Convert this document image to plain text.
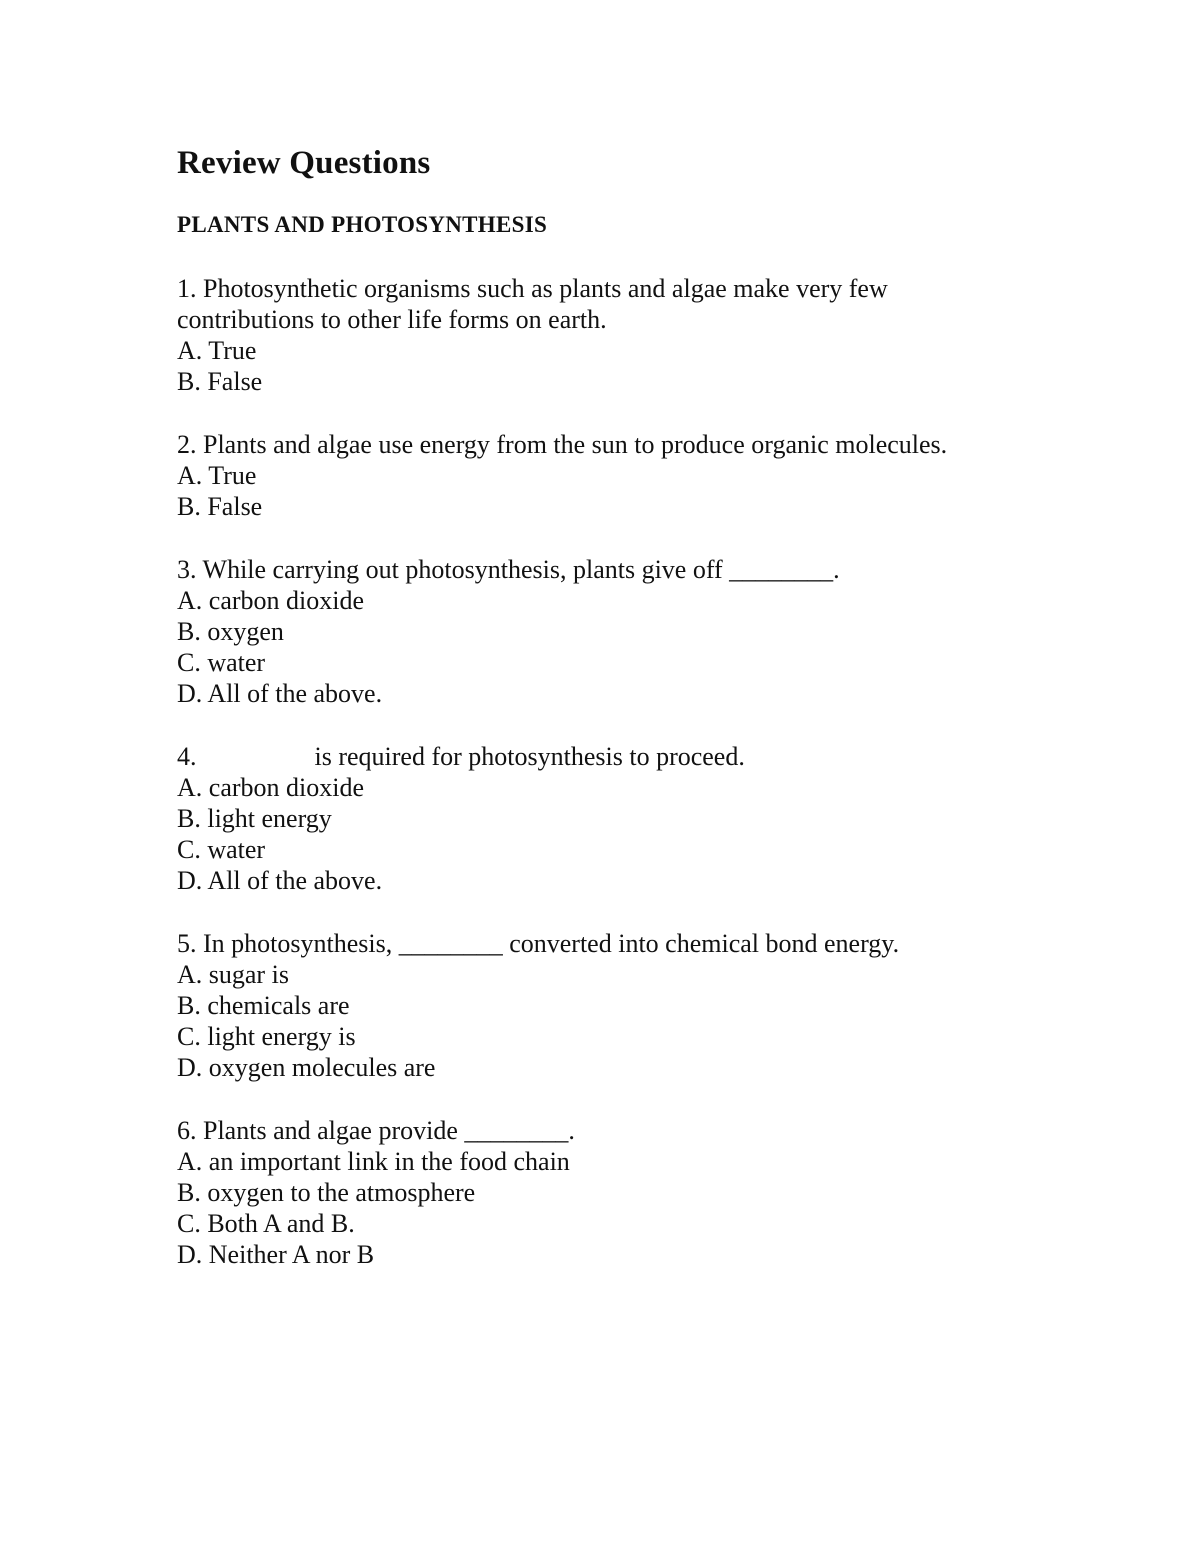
Review Questions
PLANTS AND PHOTOSYNTHESIS

1. Photosynthetic organisms such as plants and algae make very few contributions to other life forms on earth.

A. True
B. False

2. Plants and algae use energy from the sun to produce organic molecules.

A. True
B. False

3. While carrying out photosynthesis, plants give off ________.

A. carbon dioxide
B. oxygen
C. water
D. All of the above.

4.	is required for photosynthesis to proceed.

A. carbon dioxide
B. light energy
C. water
D. All of the above.

5. In photosynthesis, ________ converted into chemical bond energy.

A. sugar is
B. chemicals are
C. light energy is
D. oxygen molecules are

6. Plants and algae provide ________.

A. an important link in the food chain
B. oxygen to the atmosphere
C. Both A and B.
D. Neither A nor B
